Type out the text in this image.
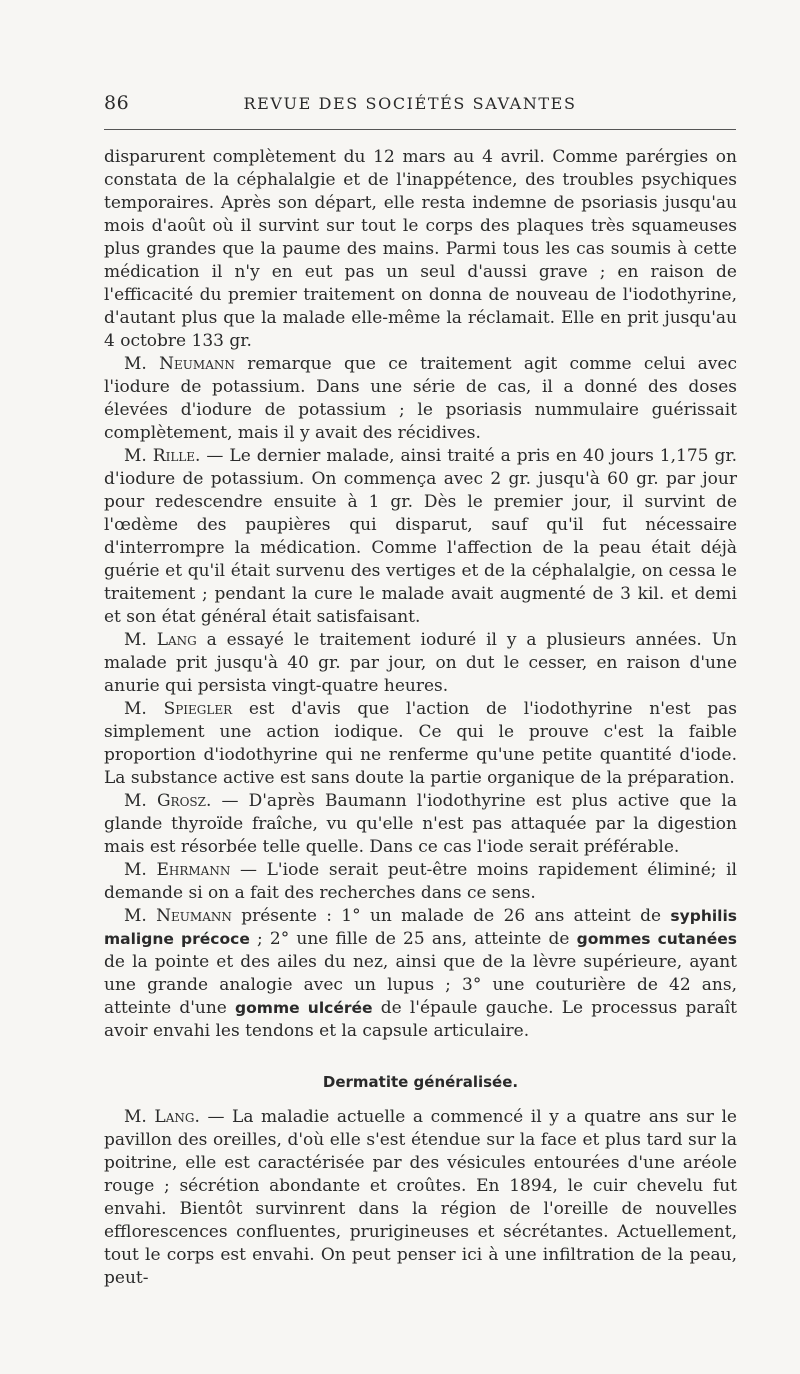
86	REVUE DES SOCIÉTÉS SAVANTES

disparurent complètement du 12 mars au 4 avril. Comme parérgies on constata de la céphalalgie et de l'inappétence, des troubles psychiques temporaires. Après son départ, elle resta indemne de psoriasis jusqu'au mois d'août où il survint sur tout le corps des plaques très squameuses plus grandes que la paume des mains. Parmi tous les cas soumis à cette médication il n'y en eut pas un seul d'aussi grave ; en raison de l'efficacité du premier traitement on donna de nouveau de l'iodothyrine, d'autant plus que la malade elle-même la réclamait. Elle en prit jusqu'au 4 octobre 133 gr.

M. Neumann remarque que ce traitement agit comme celui avec l'iodure de potassium. Dans une série de cas, il a donné des doses élevées d'iodure de potassium ; le psoriasis nummulaire guérissait complètement, mais il y avait des récidives.

M. Rille. — Le dernier malade, ainsi traité a pris en 40 jours 1,175 gr. d'iodure de potassium. On commença avec 2 gr. jusqu'à 60 gr. par jour pour redescendre ensuite à 1 gr. Dès le premier jour, il survint de l'œdème des paupières qui disparut, sauf qu'il fut nécessaire d'interrompre la médication. Comme l'affection de la peau était déjà guérie et qu'il était survenu des vertiges et de la céphalalgie, on cessa le traitement ; pendant la cure le malade avait augmenté de 3 kil. et demi et son état général était satisfaisant.

M. Lang a essayé le traitement ioduré il y a plusieurs années. Un malade prit jusqu'à 40 gr. par jour, on dut le cesser, en raison d'une anurie qui persista vingt-quatre heures.

M. Spiegler est d'avis que l'action de l'iodothyrine n'est pas simplement une action iodique. Ce qui le prouve c'est la faible proportion d'iodothyrine qui ne renferme qu'une petite quantité d'iode. La substance active est sans doute la partie organique de la préparation.

M. Grosz. — D'après Baumann l'iodothyrine est plus active que la glande thyroïde fraîche, vu qu'elle n'est pas attaquée par la digestion mais est résorbée telle quelle. Dans ce cas l'iode serait préférable.

M. Ehrmann — L'iode serait peut-être moins rapidement éliminé; il demande si on a fait des recherches dans ce sens.

M. Neumann présente : 1° un malade de 26 ans atteint de syphilis maligne précoce ; 2° une fille de 25 ans, atteinte de gommes cutanées de la pointe et des ailes du nez, ainsi que de la lèvre supérieure, ayant une grande analogie avec un lupus ; 3° une couturière de 42 ans, atteinte d'une gomme ulcérée de l'épaule gauche. Le processus paraît avoir envahi les tendons et la capsule articulaire.

Dermatite généralisée.

M. Lang. — La maladie actuelle a commencé il y a quatre ans sur le pavillon des oreilles, d'où elle s'est étendue sur la face et plus tard sur la poitrine, elle est caractérisée par des vésicules entourées d'une aréole rouge ; sécrétion abondante et croûtes. En 1894, le cuir chevelu fut envahi. Bientôt survinrent dans la région de l'oreille de nouvelles efflorescences confluentes, prurigineuses et sécrétantes. Actuellement, tout le corps est envahi. On peut penser ici à une infiltration de la peau, peut-
